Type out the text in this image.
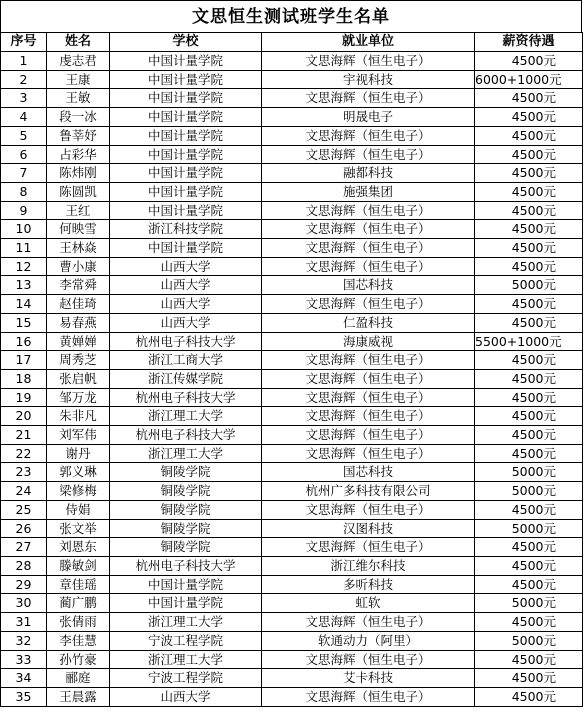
文思恒生测试班学生名单
序号	姓名	学校	就业单位	薪资待遇
1	虔志君	中国计量学院	文思海辉（恒生电子）	4500元
2	王康	中国计量学院	宇视科技	6000+1000元
3	王敏	中国计量学院	文思海辉（恒生电子）	4500元
4	段一冰	中国计量学院	明晟电子	4500元
5	鲁莘妤	中国计量学院	文思海辉（恒生电子）	4500元
6	占彩华	中国计量学院	文思海辉（恒生电子）	4500元
7	陈炜刚	中国计量学院	融都科技	4500元
8	陈圆凯	中国计量学院	施强集团	4500元
9	王红	中国计量学院	文思海辉（恒生电子）	4500元
10	何映雪	浙江科技学院	文思海辉（恒生电子）	4500元
11	王林焱	中国计量学院	文思海辉（恒生电子）	4500元
12	曹小康	山西大学	文思海辉（恒生电子）	4500元
13	李常舜	山西大学	国芯科技	5000元
14	赵佳琦	山西大学	文思海辉（恒生电子）	4500元
15	易春燕	山西大学	仁盈科技	4500元
16	黄婵婵	杭州电子科技大学	海康威视	5500+1000元
17	周秀芝	浙江工商大学	文思海辉（恒生电子）	4500元
18	张启帆	浙江传媒学院	文思海辉（恒生电子）	4500元
19	邹万龙	杭州电子科技大学	文思海辉（恒生电子）	4500元
20	朱非凡	浙江理工大学	文思海辉（恒生电子）	4500元
21	刘军伟	杭州电子科技大学	文思海辉（恒生电子）	4500元
22	谢丹	浙江理工大学	文思海辉（恒生电子）	4500元
23	郭义琳	铜陵学院	国芯科技	5000元
24	梁修梅	铜陵学院	杭州广多科技有限公司	5000元
25	侍娟	铜陵学院	文思海辉（恒生电子）	4500元
26	张文举	铜陵学院	汉图科技	5000元
27	刘恩东	铜陵学院	文思海辉（恒生电子）	4500元
28	滕敏剑	杭州电子科技大学	浙江维尔科技	4500元
29	章佳瑶	中国计量学院	多听科技	4500元
30	蔺广鹏	中国计量学院	虹软	5000元
31	张倩雨	浙江理工大学	文思海辉（恒生电子）	4500元
32	李佳慧	宁波工程学院	软通动力（阿里）	5000元
33	孙竹豪	浙江理工大学	文思海辉（恒生电子）	4500元
34	郦庭	宁波工程学院	艾卡科技	4500元
35	王晨露	山西大学	文思海辉（恒生电子）	4500元
